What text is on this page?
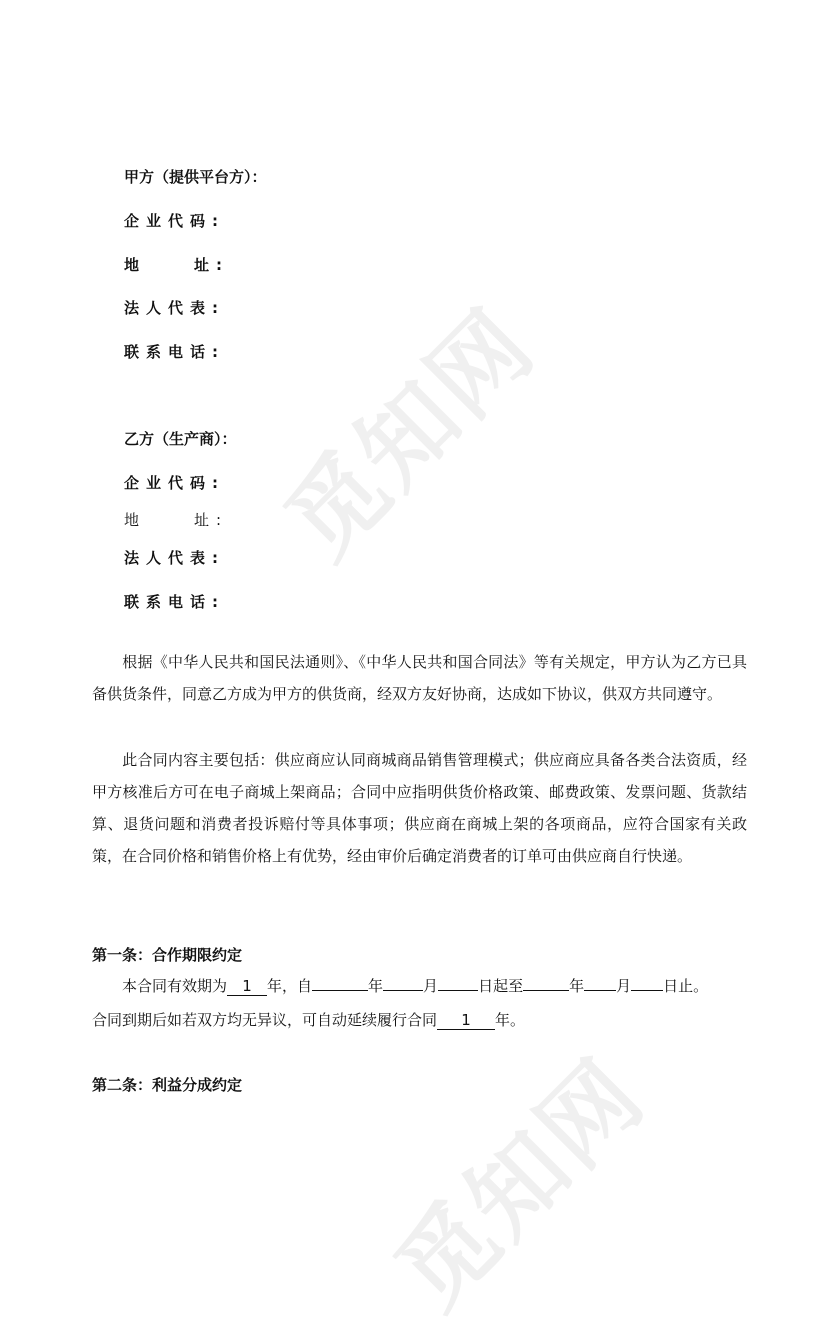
觅知网
觅知网
甲方（提供平台方）：
企业代码:
地	址:
法人代表:
联系电话:
乙方（生产商）：
企业代码:
地	址:
法人代表:
联系电话:

根据《中华人民共和国民法通则》、《中华人民共和国合同法》等有关规定，甲方认为乙方已具备供货条件，同意乙方成为甲方的供货商，经双方友好协商，达成如下协议，供双方共同遵守。

此合同内容主要包括：供应商应认同商城商品销售管理模式；供应商应具备各类合法资质，经甲方核准后方可在电子商城上架商品；合同中应指明供货价格政策、邮费政策、发票问题、货款结算、退货问题和消费者投诉赔付等具体事项；供应商在商城上架的各项商品，应符合国家有关政策，在合同价格和销售价格上有优势，经由审价后确定消费者的订单可由供应商自行快递。

第一条：合作期限约定

本合同有效期为 1 年，自	年	月	日起至	年 月 日止。

合同到期后如若双方均无异议，可自动延续履行合同 1 年。

第二条：利益分成约定
